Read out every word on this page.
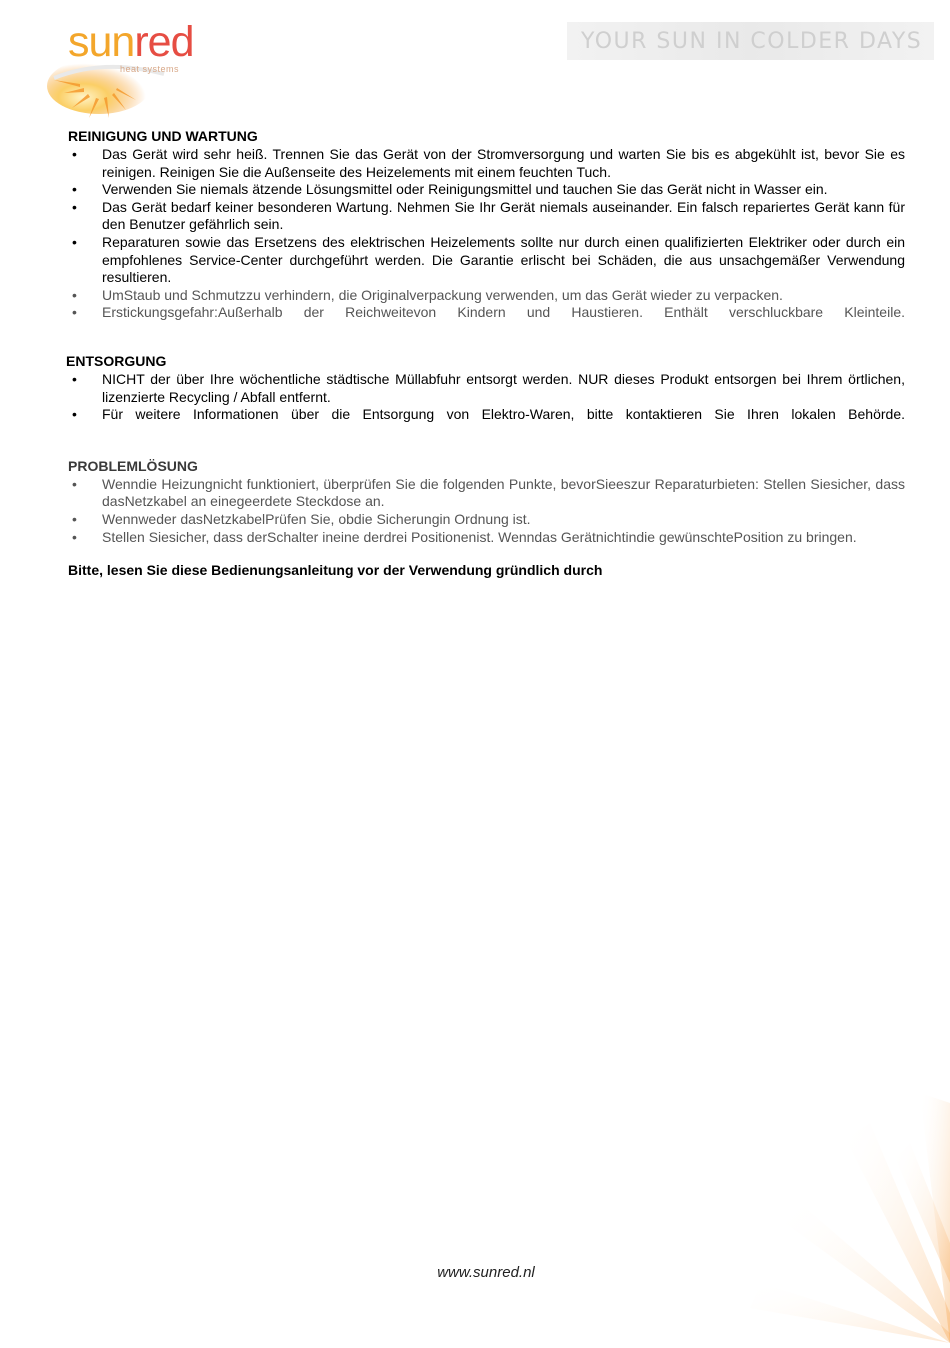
sunred
heat systems
YOUR SUN IN COLDER DAYS
REINIGUNG UND WARTUNG
• Das Gerät wird sehr heiß. Trennen Sie das Gerät von der Stromversorgung und warten Sie bis es abgekühlt ist, bevor Sie es reinigen. Reinigen Sie die Außenseite des Heizelements mit einem feuchten Tuch.
• Verwenden Sie niemals ätzende Lösungsmittel oder Reinigungsmittel und tauchen Sie das Gerät nicht in Wasser ein.
• Das Gerät bedarf keiner besonderen Wartung. Nehmen Sie Ihr Gerät niemals auseinander. Ein falsch repariertes Gerät kann für den Benutzer gefährlich sein.
• Reparaturen sowie das Ersetzens des elektrischen Heizelements sollte nur durch einen qualifizierten Elektriker oder durch ein empfohlenes Service-Center durchgeführt werden. Die Garantie erlischt bei Schäden, die aus unsachgemäßer Verwendung resultieren.
• UmStaub und Schmutzzu verhindern, die Originalverpackung verwenden, um das Gerät wieder zu verpacken.
• Erstickungsgefahr:Außerhalb der Reichweitevon Kindern und Haustieren. Enthält verschluckbare Kleinteile.
ENTSORGUNG
• NICHT der über Ihre wöchentliche städtische Müllabfuhr entsorgt werden. NUR dieses Produkt entsorgen bei Ihrem örtlichen, lizenzierte Recycling / Abfall entfernt.
• Für weitere Informationen über die Entsorgung von Elektro-Waren, bitte kontaktieren Sie Ihren lokalen Behörde.
PROBLEMLÖSUNG
• Wenndie Heizungnicht funktioniert, überprüfen Sie die folgenden Punkte, bevorSieeszur Reparaturbieten: Stellen Siesicher, dass dasNetzkabel an einegeerdete Steckdose an.
• Wennweder dasNetzkabelPrüfen Sie, obdie Sicherungin Ordnung ist.
• Stellen Siesicher, dass derSchalter ineine derdrei Positionenist. Wenndas Gerätnichtindie gewünschtePosition zu bringen.
Bitte, lesen Sie diese Bedienungsanleitung vor der Verwendung gründlich durch
www.sunred.nl
